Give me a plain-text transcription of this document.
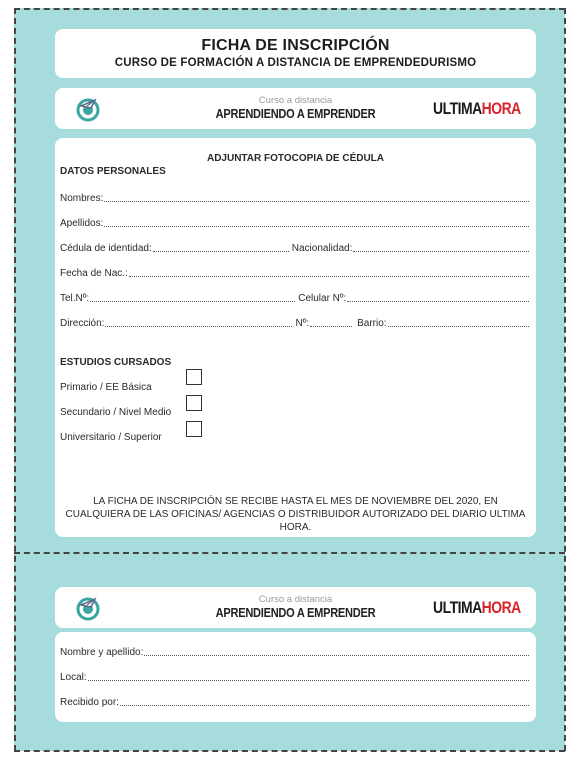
FICHA DE INSCRIPCIÓN
CURSO DE FORMACIÓN A DISTANCIA DE EMPRENDEDURISMO
Curso a distancia
APRENDIENDO A EMPRENDER	ULTIMAHORA
ADJUNTAR FOTOCOPIA DE CÉDULA
DATOS PERSONALES
Nombres:
Apellidos:
Cédula de identidad:	Nacionalidad:
Fecha de Nac.:
Tel.Nº:	Celular Nº:
Dirección:	Nº:	Barrio:
ESTUDIOS CURSADOS
Primario / EE Básica
Secundario / Nivel Medio
Universitario / Superior
LA FICHA DE INSCRIPCIÓN SE RECIBE HASTA EL MES DE NOVIEMBRE DEL 2020, EN CUALQUIERA DE LAS OFICINAS/ AGENCIAS O DISTRIBUIDOR AUTORIZADO DEL DIARIO ULTIMA HORA.
Curso a distancia
APRENDIENDO A EMPRENDER	ULTIMAHORA
Nombre y apellido:
Local:
Recibido por:
